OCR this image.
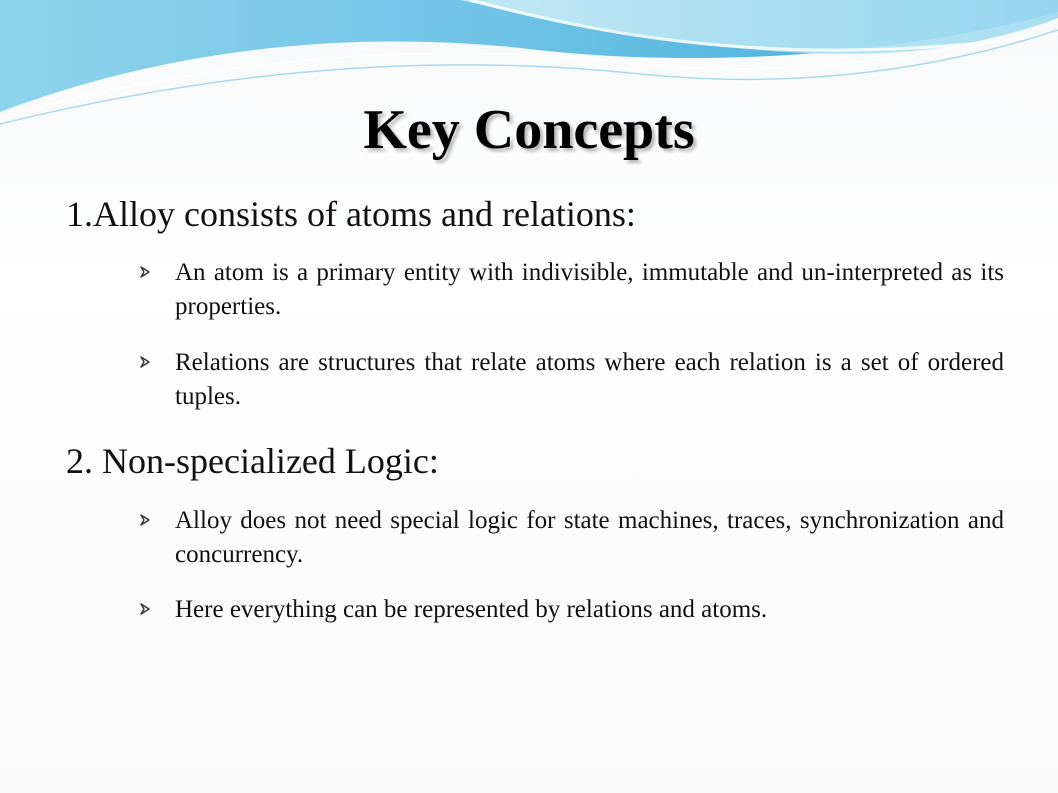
Key Concepts
1.Alloy consists of atoms and relations:
An atom is a primary entity with indivisible, immutable and un-interpreted as its properties.
Relations are structures that relate atoms where each relation is a set of ordered tuples.
2. Non-specialized Logic:
Alloy does not need special logic for state machines, traces, synchronization and concurrency.
Here everything can be represented by relations and atoms.
